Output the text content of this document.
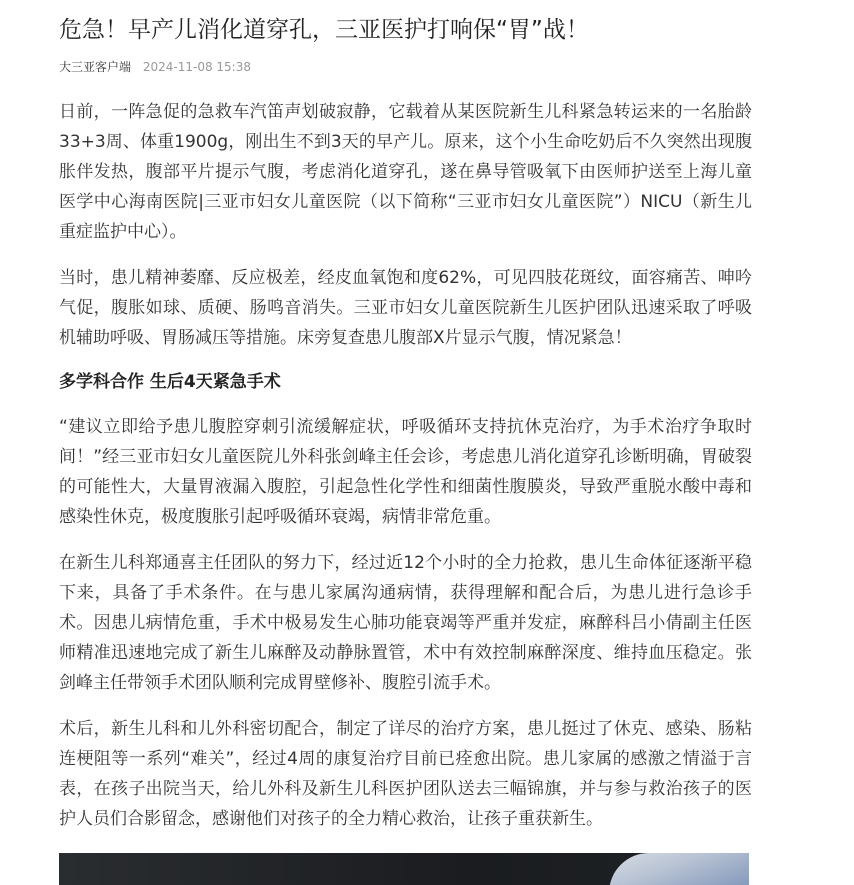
危急！早产儿消化道穿孔，三亚医护打响保“胃”战！
大三亚客户端 2024-11-08 15:38

日前，一阵急促的急救车汽笛声划破寂静，它载着从某医院新生儿科紧急转运来的一名胎龄33+3周、体重1900g，刚出生不到3天的早产儿。原来，这个小生命吃奶后不久突然出现腹胀伴发热，腹部平片提示气腹，考虑消化道穿孔，遂在鼻导管吸氧下由医师护送至上海儿童医学中心海南医院|三亚市妇女儿童医院（以下简称“三亚市妇女儿童医院”）NICU（新生儿重症监护中心）。

当时，患儿精神萎靡、反应极差，经皮血氧饱和度62%，可见四肢花斑纹，面容痛苦、呻吟气促，腹胀如球、质硬、肠鸣音消失。三亚市妇女儿童医院新生儿医护团队迅速采取了呼吸机辅助呼吸、胃肠减压等措施。床旁复查患儿腹部X片显示气腹，情况紧急！

多学科合作 生后4天紧急手术

“建议立即给予患儿腹腔穿刺引流缓解症状，呼吸循环支持抗休克治疗，为手术治疗争取时间！”经三亚市妇女儿童医院儿外科张剑峰主任会诊，考虑患儿消化道穿孔诊断明确，胃破裂的可能性大，大量胃液漏入腹腔，引起急性化学性和细菌性腹膜炎，导致严重脱水酸中毒和感染性休克，极度腹胀引起呼吸循环衰竭，病情非常危重。

在新生儿科郑通喜主任团队的努力下，经过近12个小时的全力抢救，患儿生命体征逐渐平稳下来，具备了手术条件。在与患儿家属沟通病情，获得理解和配合后，为患儿进行急诊手术。因患儿病情危重，手术中极易发生心肺功能衰竭等严重并发症，麻醉科吕小倩副主任医师精准迅速地完成了新生儿麻醉及动静脉置管，术中有效控制麻醉深度、维持血压稳定。张剑峰主任带领手术团队顺利完成胃壁修补、腹腔引流手术。

术后，新生儿科和儿外科密切配合，制定了详尽的治疗方案，患儿挺过了休克、感染、肠粘连梗阻等一系列“难关”，经过4周的康复治疗目前已痊愈出院。患儿家属的感激之情溢于言表，在孩子出院当天，给儿外科及新生儿科医护团队送去三幅锦旗，并与参与救治孩子的医护人员们合影留念，感谢他们对孩子的全力精心救治，让孩子重获新生。
